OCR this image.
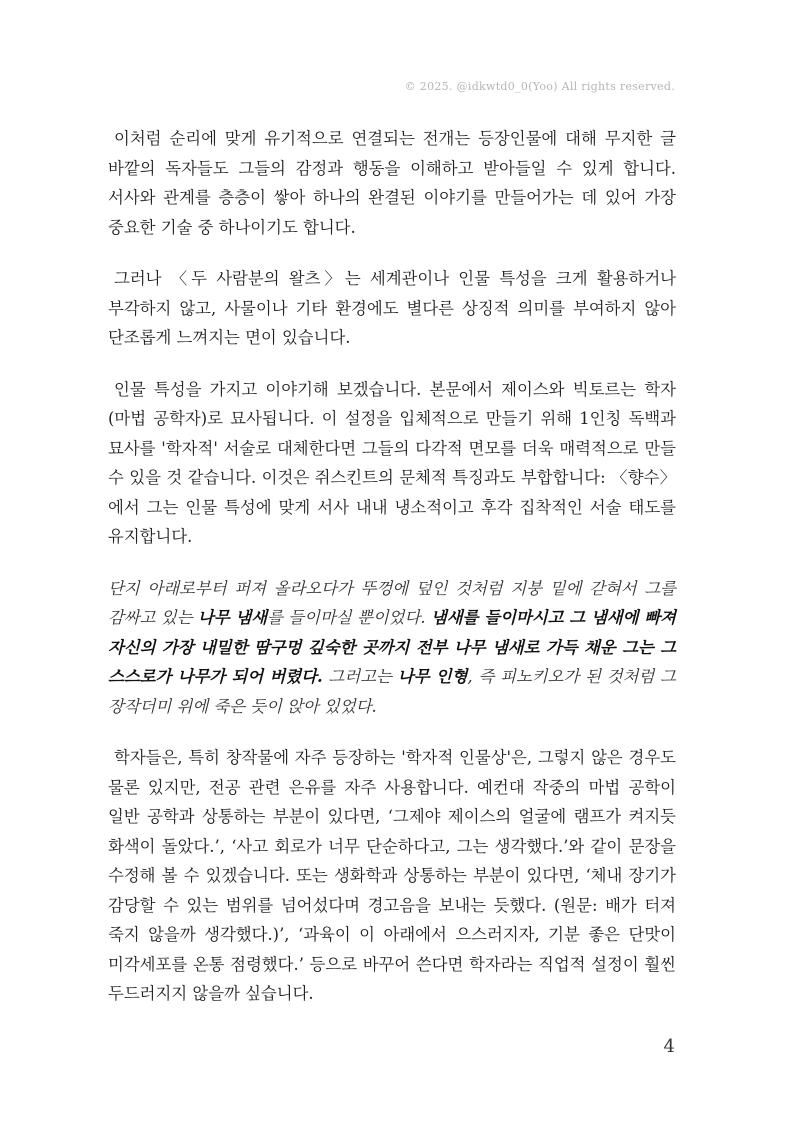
© 2025. @idkwtd0_0(Yoo) All rights reserved.

이처럼 순리에 맞게 유기적으로 연결되는 전개는 등장인물에 대해 무지한 글 바깥의 독자들도 그들의 감정과 행동을 이해하고 받아들일 수 있게 합니다. 서사와 관계를 층층이 쌓아 하나의 완결된 이야기를 만들어가는 데 있어 가장 중요한 기술 중 하나이기도 합니다.

그러나 〈두 사람분의 왈츠〉는 세계관이나 인물 특성을 크게 활용하거나 부각하지 않고, 사물이나 기타 환경에도 별다른 상징적 의미를 부여하지 않아 단조롭게 느껴지는 면이 있습니다.

인물 특성을 가지고 이야기해 보겠습니다. 본문에서 제이스와 빅토르는 학자(마법 공학자)로 묘사됩니다. 이 설정을 입체적으로 만들기 위해 1인칭 독백과 묘사를 '학자적' 서술로 대체한다면 그들의 다각적 면모를 더욱 매력적으로 만들 수 있을 것 같습니다. 이것은 쥐스킨트의 문체적 특징과도 부합합니다: 〈향수〉에서 그는 인물 특성에 맞게 서사 내내 냉소적이고 후각 집착적인 서술 태도를 유지합니다.

단지 아래로부터 퍼져 올라오다가 뚜껑에 덮인 것처럼 지붕 밑에 갇혀서 그를 감싸고 있는 나무 냄새를 들이마실 뿐이었다. 냄새를 들이마시고 그 냄새에 빠져 자신의 가장 내밀한 땀구멍 깊숙한 곳까지 전부 나무 냄새로 가득 채운 그는 그 스스로가 나무가 되어 버렸다. 그러고는 나무 인형, 즉 피노키오가 된 것처럼 그 장작더미 위에 죽은 듯이 앉아 있었다.

학자들은, 특히 창작물에 자주 등장하는 '학자적 인물상'은, 그렇지 않은 경우도 물론 있지만, 전공 관련 은유를 자주 사용합니다. 예컨대 작중의 마법 공학이 일반 공학과 상통하는 부분이 있다면, ‘그제야 제이스의 얼굴에 램프가 켜지듯 화색이 돌았다.’, ‘사고 회로가 너무 단순하다고, 그는 생각했다.’와 같이 문장을 수정해 볼 수 있겠습니다. 또는 생화학과 상통하는 부분이 있다면, ‘체내 장기가 감당할 수 있는 범위를 넘어섰다며 경고음을 보내는 듯했다. (원문: 배가 터져 죽지 않을까 생각했다.)’, ‘과육이 이 아래에서 으스러지자, 기분 좋은 단맛이 미각세포를 온통 점령했다.’ 등으로 바꾸어 쓴다면 학자라는 직업적 설정이 훨씬 두드러지지 않을까 싶습니다.

4
